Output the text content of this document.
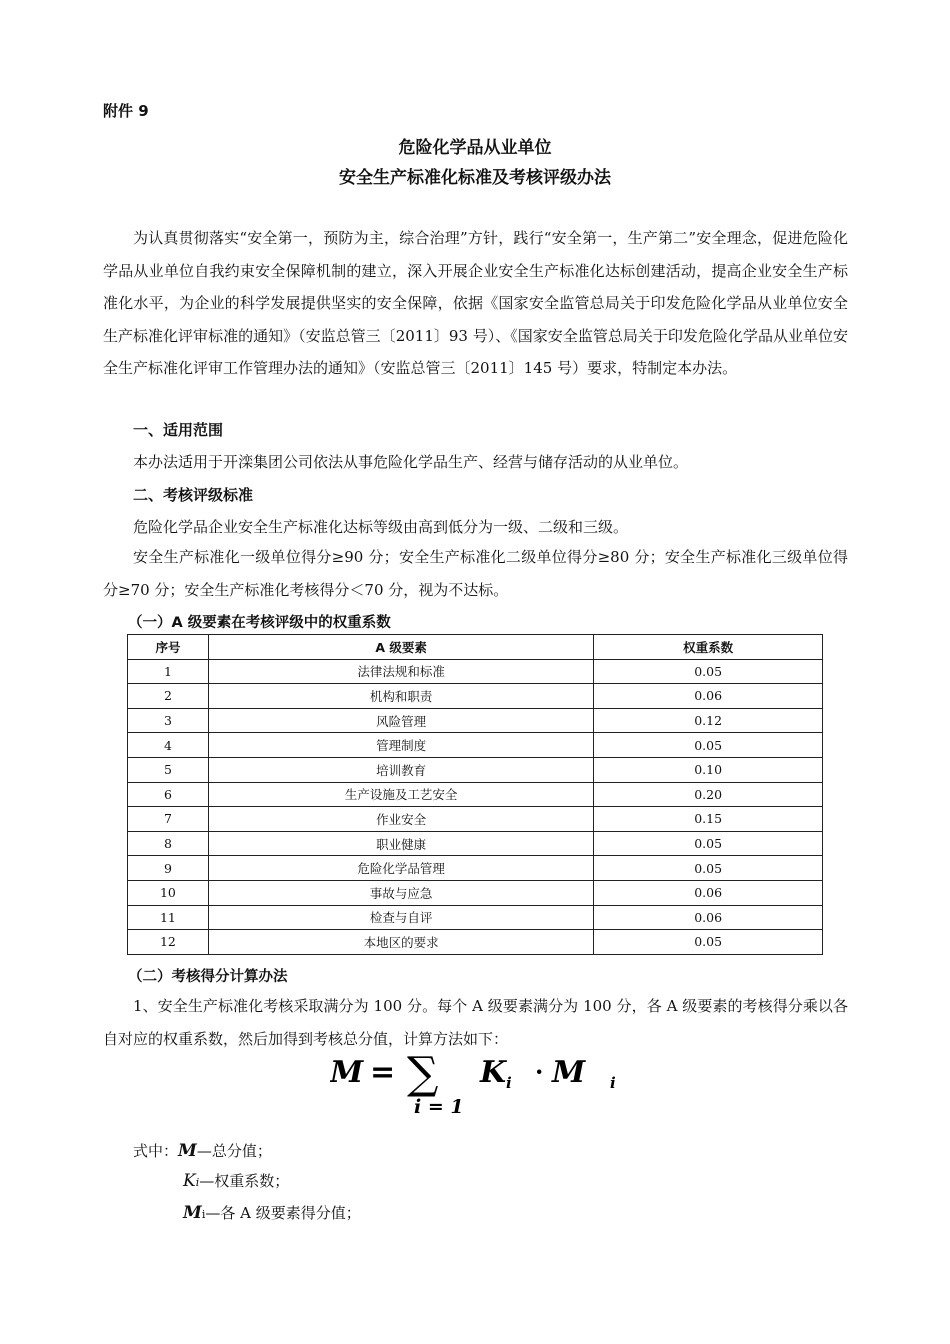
附件 9
危险化学品从业单位
安全生产标准化标准及考核评级办法
为认真贯彻落实“安全第一，预防为主，综合治理”方针，践行“安全第一，生产第二”安全理念，促进危险化学品从业单位自我约束安全保障机制的建立，深入开展企业安全生产标准化达标创建活动，提高企业安全生产标准化水平，为企业的科学发展提供坚实的安全保障，依据《国家安全监管总局关于印发危险化学品从业单位安全生产标准化评审标准的通知》（安监总管三〔2011〕93 号）、《国家安全监管总局关于印发危险化学品从业单位安全生产标准化评审工作管理办法的通知》（安监总管三〔2011〕145 号）要求，特制定本办法。
一、适用范围
本办法适用于开滦集团公司依法从事危险化学品生产、经营与储存活动的从业单位。
二、考核评级标准
危险化学品企业安全生产标准化达标等级由高到低分为一级、二级和三级。
安全生产标准化一级单位得分≥90 分；安全生产标准化二级单位得分≥80 分；安全生产标准化三级单位得分≥70 分；安全生产标准化考核得分＜70 分，视为不达标。
（一）A 级要素在考核评级中的权重系数
序号	A 级要素	权重系数
1	法律法规和标准	0.05
2	机构和职责	0.06
3	风险管理	0.12
4	管理制度	0.05
5	培训教育	0.10
6	生产设施及工艺安全	0.20
7	作业安全	0.15
8	职业健康	0.05
9	危险化学品管理	0.05
10	事故与应急	0.06
11	检查与自评	0.06
12	本地区的要求	0.05
（二）考核得分计算办法
1、安全生产标准化考核采取满分为 100 分。每个 A 级要素满分为 100 分，各 A 级要素的考核得分乘以各自对应的权重系数，然后加得到考核总分值，计算方法如下：
M = ∑
i = 1
K i · M i
式中：M—总分值；
Ki—权重系数；
Mi—各 A 级要素得分值；
